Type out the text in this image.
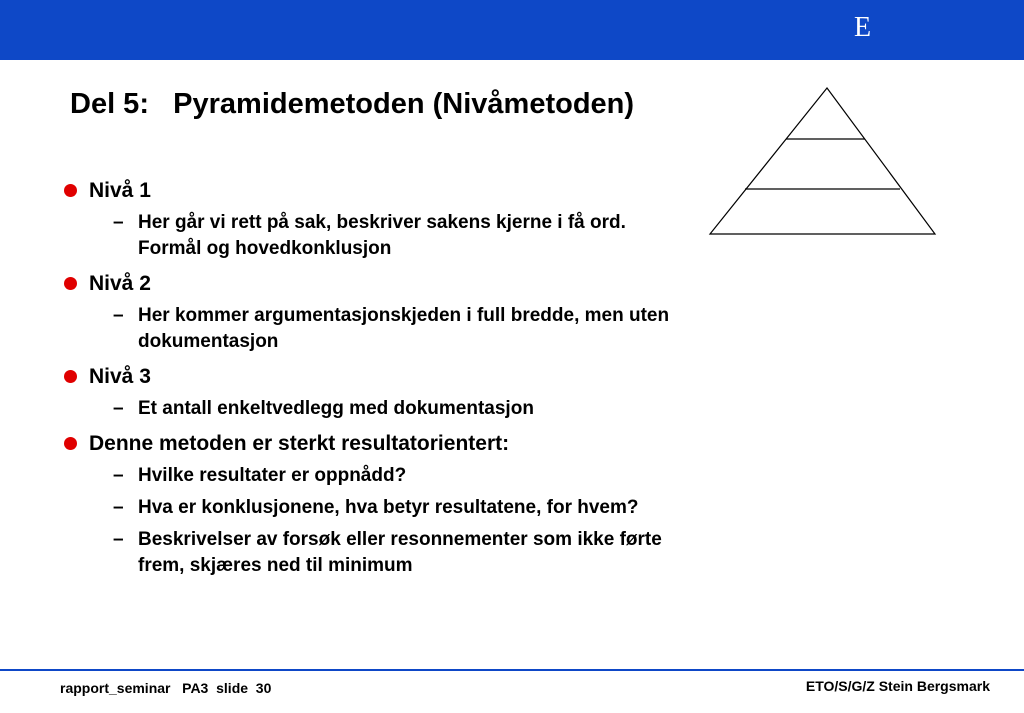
E
Del 5:   Pyramidemetoden (Nivåmetoden)
Nivå 1
– Her går vi rett på sak, beskriver sakens kjerne i få ord. Formål og hovedkonklusjon
Nivå 2
– Her kommer argumentasjonskjeden i full bredde, men uten dokumentasjon
Nivå 3
– Et antall enkeltvedlegg med dokumentasjon
Denne metoden er sterkt resultatorientert:
– Hvilke resultater er oppnådd?
– Hva er konklusjonene, hva betyr resultatene, for hvem?
– Beskrivelser av forsøk eller resonnementer som ikke førte frem, skjæres ned til minimum
rapport_seminar   PA3  slide  30	ETO/S/G/Z Stein Bergsmark
